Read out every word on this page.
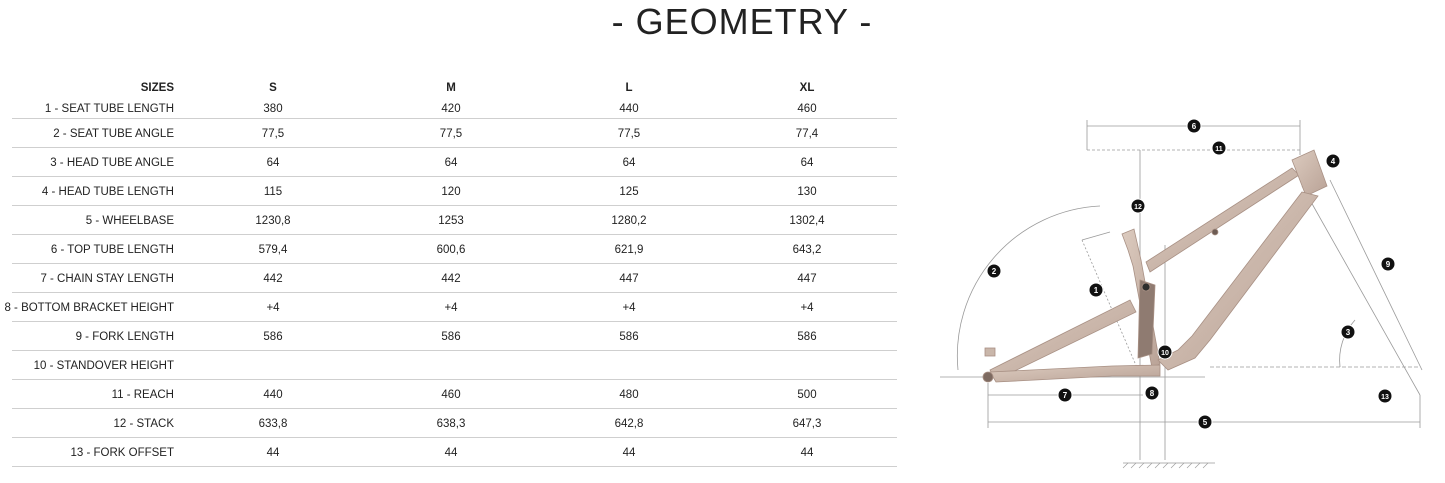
- GEOMETRY -
SIZES	S	M	L	XL
1 - SEAT TUBE LENGTH	380	420	440	460
2 - SEAT TUBE ANGLE	77,5	77,5	77,5	77,4
3 - HEAD TUBE ANGLE	64	64	64	64
4 - HEAD TUBE LENGTH	115	120	125	130
5 - WHEELBASE	1230,8	1253	1280,2	1302,4
6 - TOP TUBE LENGTH	579,4	600,6	621,9	643,2
7 - CHAIN STAY LENGTH	442	442	447	447
8 - BOTTOM BRACKET HEIGHT	+4	+4	+4	+4
9 - FORK LENGTH	586	586	586	586
10 - STANDOVER HEIGHT
11 - REACH	440	460	480	500
12 - STACK	633,8	638,3	642,8	647,3
13 - FORK OFFSET	44	44	44	44
1
2
3
4
5
6
7	8
9
10
11
12
13
